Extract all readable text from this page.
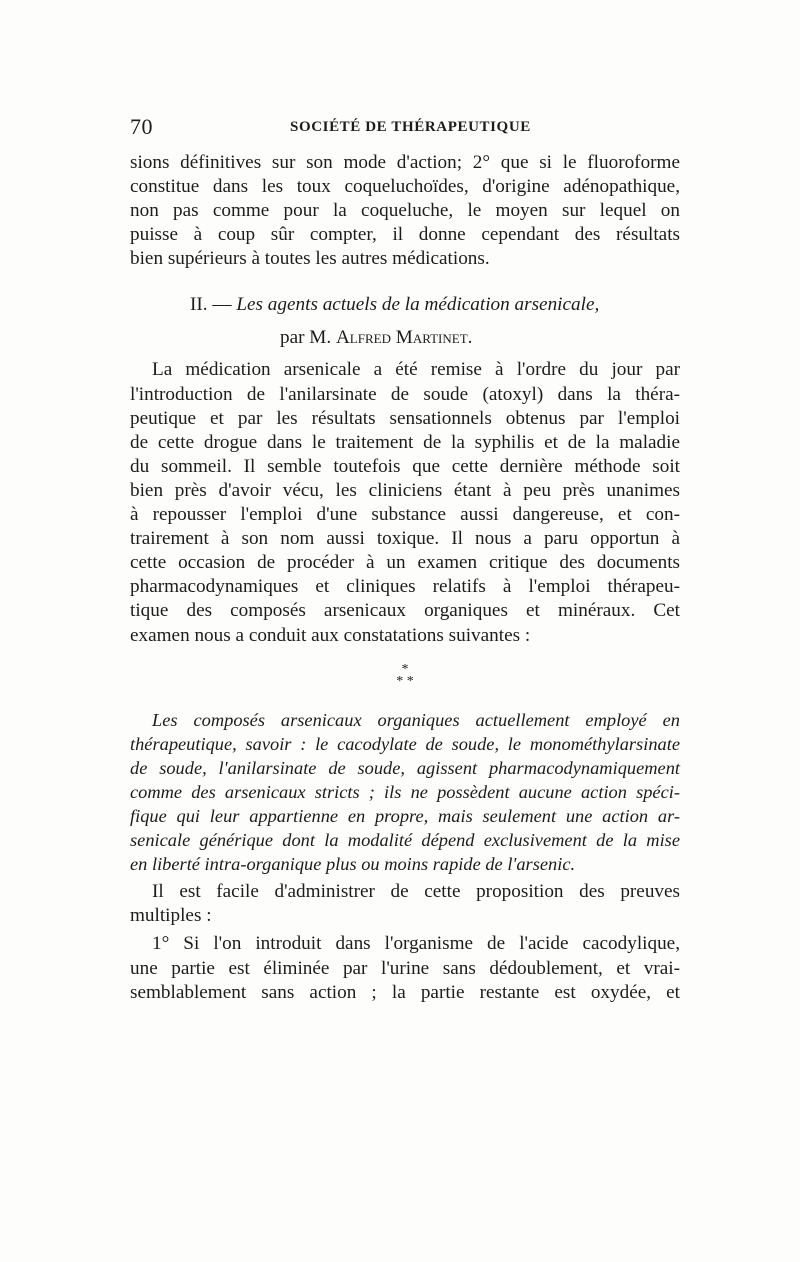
70	SOCIÉTÉ DE THÉRAPEUTIQUE
sions définitives sur son mode d'action; 2° que si le fluoroforme
constitue dans les toux coqueluchoïdes, d'origine adénopathique,
non pas comme pour la coqueluche, le moyen sur lequel on
puisse à coup sûr compter, il donne cependant des résultats
bien supérieurs à toutes les autres médications.
II. — Les agents actuels de la médication arsenicale,
par M. Alfred Martinet.
La médication arsenicale a été remise à l'ordre du jour par
l'introduction de l'anilarsinate de soude (atoxyl) dans la théra-
peutique et par les résultats sensationnels obtenus par l'emploi
de cette drogue dans le traitement de la syphilis et de la maladie
du sommeil. Il semble toutefois que cette dernière méthode soit
bien près d'avoir vécu, les cliniciens étant à peu près unanimes
à repousser l'emploi d'une substance aussi dangereuse, et con-
trairement à son nom aussi toxique. Il nous a paru opportun à
cette occasion de procéder à un examen critique des documents
pharmacodynamiques et cliniques relatifs à l'emploi thérapeu-
tique des composés arsenicaux organiques et minéraux. Cet
examen nous a conduit aux constatations suivantes :
*
* *
Les composés arsenicaux organiques actuellement employé en
thérapeutique, savoir : le cacodylate de soude, le monométhylarsinate
de soude, l'anilarsinate de soude, agissent pharmacodynamiquement
comme des arsenicaux stricts ; ils ne possèdent aucune action spéci-
fique qui leur appartienne en propre, mais seulement une action ar-
senicale générique dont la modalité dépend exclusivement de la mise
en liberté intra-organique plus ou moins rapide de l'arsenic.
Il est facile d'administrer de cette proposition des preuves
multiples :
1° Si l'on introduit dans l'organisme de l'acide cacodylique,
une partie est éliminée par l'urine sans dédoublement, et vrai-
semblablement sans action ; la partie restante est oxydée, et
